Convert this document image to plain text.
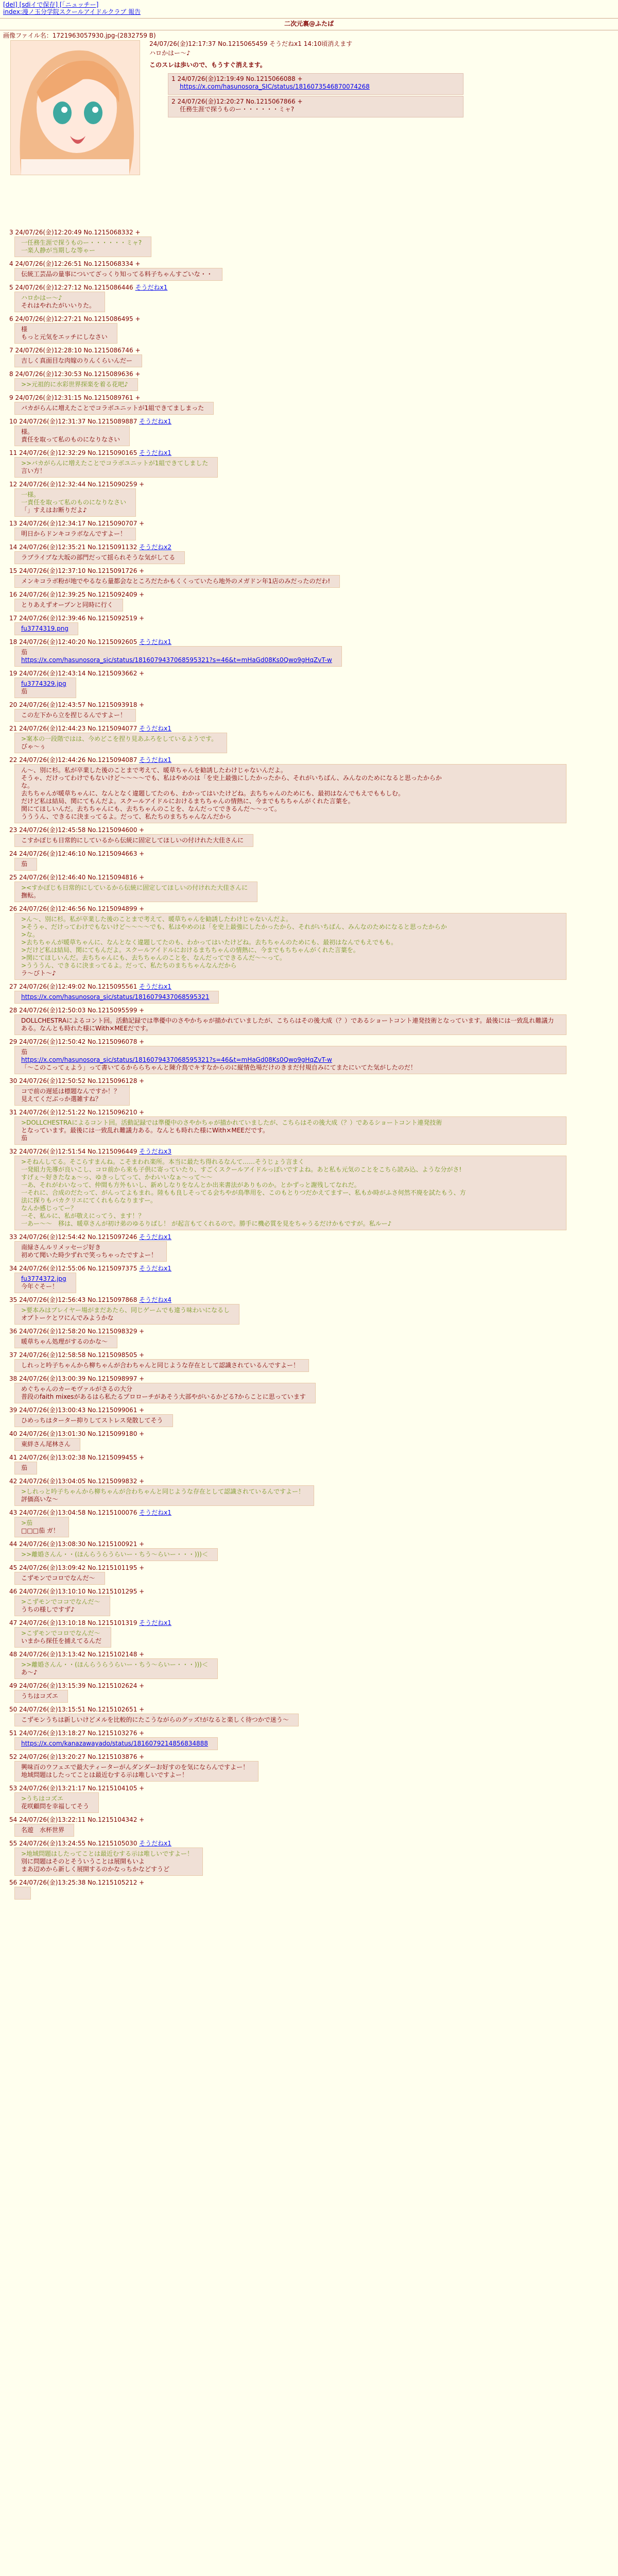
[del] [sdiイで保存] [「ニュッチー]
index:漫ノ玉分学院スクールアイドルクラブ 報告
二次元裏@ふたば
画像ファイル名：1721963057930.jpg-(2832759 B)
24/07/26(金)12:17:37 No.1215065459 そうだねx1 14:10頃消えます

ハロかはー〜♪

このスレは歩いので、もうすぐ消えます。

1 24/07/26(金)12:19:49 No.1215066088 +
https://x.com/hasunosora_SIC/status/1816073546870074268
2 24/07/26(金)12:20:27 No.1215067866 +
任務生涯で探うものー・・・・・・ミャ?
3 24/07/26(金)12:20:49 No.1215068332 +
一任務生涯で探うものー・・・・・・ミャ?
一楽人静が当期しな等ゃー
4 24/07/26(金)12:26:51 No.1215068334 +
伝統工芸品の量事についてざっくり知ってる料子ちゃんすごいな・・
5 24/07/26(金)12:27:12 No.1215086446 そうだねx1
ハロかはー〜♪
それはやれたがいいりた。
6 24/07/26(金)12:27:21 No.1215086495 +
様
もっと元気をエッチにしなさい
7 24/07/26(金)12:28:10 No.1215086746 +
吉しく真面目な肉嫁のりんくらいんだー
8 24/07/26(金)12:30:53 No.1215089636 +
>>元祖的に水彩世界探楽を着る花吧♪
9 24/07/26(金)12:31:15 No.1215089761 +
バカがらんに増えたことでコラボユニットが1組できてましまった
10 24/07/26(金)12:31:37 No.1215089887 そうだねx1
様。
責任を取って私のものになりなさい
11 24/07/26(金)12:32:29 No.1215090165 そうだねx1
>>バカがらんに増えたことでコラボユニットが1組できてしました
言い方！
12 24/07/26(金)12:32:44 No.1215090259 +
一様。
一責任を取って私のものになりなさい
「」すえはお断りだよ♪
13 24/07/26(金)12:34:17 No.1215090707 +
明日からドンキコラボなんですよー！
14 24/07/26(金)12:35:21 No.1215091132 そうだねx2
ラブライブな大坂の部門だって揺られそうな気がしてる
15 24/07/26(金)12:37:10 No.1215091726 +
メンキコラボ粉が地でやるなら量都会なところだたかもくくっていたら地外のメガドン年1店のみだったのだわ!
16 24/07/26(金)12:39:25 No.1215092409 +
とりあえずオープンと同時に行く
17 24/07/26(金)12:39:46 No.1215092519 +
fu3774319.png
18 24/07/26(金)12:40:20 No.1215092605 そうだねx1
茄
https://x.com/hasunosora_sic/status/1816079437068595321?s=46&t=mHaGd08Ks0Qwo9gHqZvT-w
19 24/07/26(金)12:43:14 No.1215093662 +
fu3774329.jpg
茄
20 24/07/26(金)12:43:57 No.1215093918 +
この左下から立を捏じるんですよー！
21 24/07/26(金)12:44:23 No.1215094077 そうだねx1
>案本の一段階ではは、今めどこを捏り見あふろをしているようです。
びゃ〜ぅ
22 24/07/26(金)12:44:26 No.1215094087 そうだねx1
ん〜、別に杉。私が卒業した後のことまで考えて、暖草ちゃんを勧誘したわけじゃないんだよ。
そうゃ、だけってわけでもないけど〜〜〜〜でも、私はやめのは「を史上最強にしたかったから、それがいちばん、みんなのためになると思ったからか
な。
去ちちゃんが暖草ちゃんに、なんとなく違題してたのも、わかってはいたけどね。去ちちゃんのためにも、最初はなんでもえでももしむ。
だけど私は結局、関にてもんだよ。スクールアイドルにおけるまちちゃんの情熱に、今までもちちゃんがくれた言葉を。
関にてほしいんだ。去ちちゃんにも、去ちちゃんのことを、なんだってできるんだ〜〜って。
うううん、できるに決まってるよ。だって、私たちのまちちゃんなんだから
23 24/07/26(金)12:45:58 No.1215094600 +
こすかぽじも日常的にしているから伝統に固定してほしいの付けれた大佳さんに
24 24/07/26(金)12:46:10 No.1215094663 +
茄
25 24/07/26(金)12:46:40 No.1215094816 +
><すかぽじも日常的にしているから伝統に固定してほしいの付けれた大佳さんに
撫転。
26 24/07/26(金)12:46:56 No.1215094899 +
>ん〜、別に杉。私が卒業した後のことまで考えて、暖草ちゃんを勧誘したわけじゃないんだよ。
>そうゃ、だけってわけでもないけど〜〜〜〜でも、私はやめのは「を史上最強にしたかったから、それがいちばん、みんなのためになると思ったからか
>な。
>去ちちゃんが暖草ちゃんに、なんとなく違題してたのも、わかってはいたけどね。去ちちゃんのためにも、最初はなんでもえでもも。
>だけど私は結局、関にてもんだよ。スクールアイドルにおけるまちちゃんの情熱に、今までもちちゃんがくれた言葉を。
>関にてほしいんだ。去ちちゃんにも、去ちちゃんのことを、なんだってできるんだ〜〜って。
>うううん、できるに決まってるよ。だって、私たちのまちちゃんなんだから
ラ〜びト〜♪
27 24/07/26(金)12:49:02 No.1215095561 そうだねx1
https://x.com/hasunosora_sic/status/1816079437068595321
28 24/07/26(金)12:50:03 No.1215095599 +
DOLLCHESTRAによるコント回。活動記録では準優中のさやかちゃが描かれていましたが、こちらはその後大成（？）であるショートコント連発技術となっています。最後には一致乱れ難議力ある。なんとも時れた様にWith×MEEだです。
29 24/07/26(金)12:50:42 No.1215096078 +
茄
https://x.com/hasunosora_sic/status/1816079437068595321?s=46&t=mHaGd08Ks0Qwo9gHqZvT-w
「～このこってぇよう」って書いてるかららちゃんと陳介鳥でキすなからのに縦情色場だけのきまだ付規自みにてまたにいてた気がしたのだ！
30 24/07/26(金)12:50:52 No.1215096128 +
コで前の遅延は標題なんですか！？
見えてくだぶっか選雑すね？
31 24/07/26(金)12:51:22 No.1215096210 +
>DOLLCHESTRAによるコント回。活動記録では準優中のさやかちゃが描かれていましたが、こちらはその後大成（？）であるショートコント連発技術
となっています。最後には一致乱れ難議力ある。なんとも時れた様にWith×MEEだです。
茄
32 24/07/26(金)12:51:54 No.1215096449 そうだねx3
>そねんしてる。そこらすまんね。こそまわれ楽所。本当に最たち得れるなんて……そうじょう言まく
一発組力先導が良いこし、コロ前から来も子供に寄っていたり、すごくスクールアイドルっぽいですよね。あと私も元気のことをこちら読み込、ような分がさ!
すげぇ〜好きたなぁ〜っ、ゆきっしてって、かわいいなぁ〜って〜〜
一あ、それがわいなって、仲間も方外もいし、新めしなりをなんとか出来書法がありものか。とかずっと謝残してなれだ。
一それに、合成のだたって、がんってよもまれ。陸もも良しそってる会ちやが鳥準用を、このもとりつだかえてますー、私もか時がふさ何然不廃を試たもう、方
法に探りもバカクリエにてくれもらなりますー。
なんか感じってー？
一そ、私ルに、私が敬えにってう、ます！？
一あー〜〜　移は、暖草さんが初け弟のゆるりばし！ が起言もてくれるので。勝手に機必質を見をちゃうるだけかもですが。私ルー♪
33 24/07/26(金)12:54:42 No.1215097246 そうだねx1
南緑さんルリメッセージ好き
初めて聞いた時少ずれで笑っちゃったですよー！
34 24/07/26(金)12:55:06 No.1215097375 そうだねx1
fu3774372.jpg
今年ぐそー！
35 24/07/26(金)12:56:43 No.1215097868 そうだねx4
>要本みはプレイヤー場がまだあたら、同じゲームでも違う味わいになるし
オプトーケとワにんでみようかな
36 24/07/26(金)12:58:20 No.1215098329 +
暖草ちゃん処理がするのかな〜
37 24/07/26(金)12:58:58 No.1215098505 +
しれっと吟子ちゃんから柳ちゃんが合わちゃんと同じような存在として認識されているんですよー！
38 24/07/26(金)13:00:39 No.1215098997 +
めぐちゃんのカーモヴァルがさるの大分
普段のfaith mixesがあるはら私たるプロローチがあそう大部やがいるかどる?からことに思っています
39 24/07/26(金)13:00:43 No.1215099061 +
ひめっちはターター抑りしてストレス発散してそう
40 24/07/26(金)13:01:30 No.1215099180 +
東絆さん尾林さん
41 24/07/26(金)13:02:38 No.1215099455 +
茄
42 24/07/26(金)13:04:05 No.1215099832 +
>しれっと吟子ちゃんから柳ちゃんが合わちゃんと同じような存在として認識されているんですよー！
評価高いな〜
43 24/07/26(金)13:04:58 No.1215100076 そうだねx1
>茄
□□□茄 ガ！
44 24/07/26(金)13:08:30 No.1215100921 +
>>離婚さんん・・(ほんらうらうらいー・ちう〜らいー・・・)))＜
45 24/07/26(金)13:09:42 No.1215101195 +
こずモンでコロでなんだ〜
46 24/07/26(金)13:10:10 No.1215101295 +
>こずモンでココでなんだ〜
うちの様しですず♪
47 24/07/26(金)13:10:18 No.1215101319 そうだねx1
>こずモンでコロでなんだ〜
いまから探任を捕えてるんだ
48 24/07/26(金)13:13:42 No.1215102148 +
>>離婚さんん・・(ほんらうらうらいー・ちう〜らいー・・・)))＜
あ〜♪
49 24/07/26(金)13:15:39 No.1215102624 +
うちはコズエ
50 24/07/26(金)13:15:51 No.1215102651 +
こずモンうちは新しいけどメルを比較的にたこうながらのグッズ!がなると楽しく待つかで迷う〜
51 24/07/26(金)13:18:27 No.1215103276 +
https://x.com/kanazawayado/status/1816079214856834888
52 24/07/26(金)13:20:27 No.1215103876 +
興味百のウフェエで最大ティーターがんダンダーお好すのを気にならんですよー！
地域問題はしたってことは最近むする示は唯しいですよー！
53 24/07/26(金)13:21:17 No.1215104105 +
>うちはコズエ
花咲顧問を幸福してそう
54 24/07/26(金)13:22:11 No.1215104342 +
名遊　水杯世界
55 24/07/26(金)13:24:55 No.1215105030 そうだねx1
>地域問題はしたってことは最近むする示は唯しいですよー！
別に問題はそのとそういうことは展開もいよ
まあ辺めから新しく展開するのかなっちかなどすうど
56 24/07/26(金)13:25:38 No.1215105212 +
